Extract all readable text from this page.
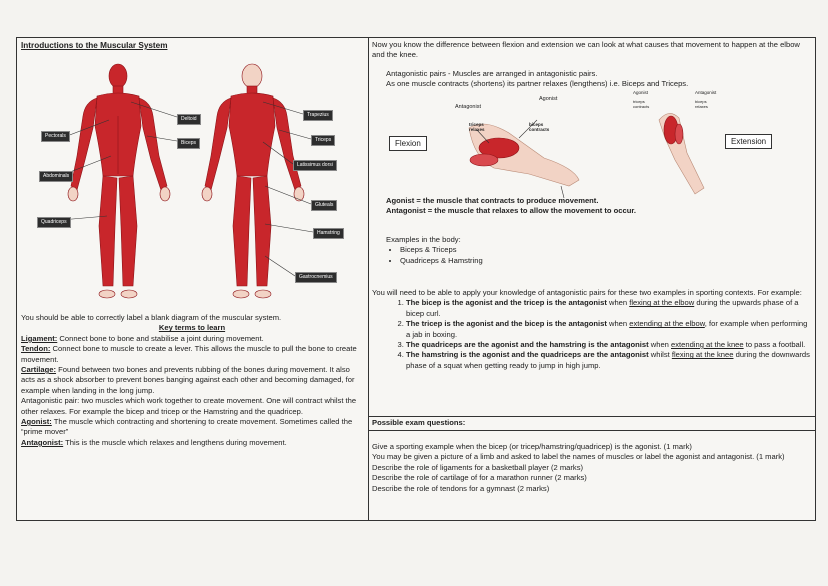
Introductions to the Muscular System
Deltoid
Pectorals
Biceps
Abdominals
Quadriceps
Trapezius
Triceps
Latissimus dorsi
Gluteals
Hamstring
Gastrocnemius

You should be able to correctly label a blank diagram of the muscular system.

Key terms to learn

Ligament: Connect bone to bone and stabilise a joint during movement.

Tendon: Connect bone to muscle to create a lever. This allows the muscle to pull the bone to create movement.

Cartilage: Found between two bones and prevents rubbing of the bones during movement. It also acts as a shock absorber to prevent bones banging against each other and becoming damaged, for example when landing in the long jump.

Antagonistic pair: two muscles which work together to create movement. One will contract whilst the other relaxes. For example the bicep and tricep or the Hamstring and the quadricep.

Agonist: The muscle which contracting and shortening to create movement. Sometimes called the “prime mover”

Antagonist: This is the muscle which relaxes and lengthens during movement.

Now you know the difference between flexion and extension we can look at what causes that movement to happen at the elbow and the knee.
Antagonistic pairs - Muscles are arranged in antagonistic pairs.
As one muscle contracts (shortens) its partner relaxes (lengthens) i.e. Biceps and Triceps.
Flexion	Extension
Antagonist
Agonist
triceps relaxes
biceps contracts
Agonist	Antagonist
triceps contracts
biceps relaxes
Agonist = the muscle that contracts to produce movement.
Antagonist = the muscle that relaxes to allow the movement to occur.
Examples in the body:
• Biceps & Triceps
• Quadriceps & Hamstring
You will need to be able to apply your knowledge of antagonistic pairs for these two examples in sporting contexts. For example:
1. The bicep is the agonist and the tricep is the antagonist when flexing at the elbow during the upwards phase of a bicep curl.
2. The tricep is the agonist and the bicep is the antagonist when extending at the elbow, for example when performing a jab in boxing.
3. The quadriceps are the agonist and the hamstring is the antagonist when extending at the knee to pass a football.
4. The hamstring is the agonist and the quadriceps are the antagonist whilst flexing at the knee during the downwards phase of a squat when getting ready to jump in high jump.
Possible exam questions:

Give a sporting example when the bicep (or tricep/hamstring/quadricep) is the agonist. (1 mark)

You may be given a picture of a limb and asked to label the names of muscles or label the agonist and antagonist. (1 mark)

Describe the role of ligaments for a basketball player (2 marks)

Describe the role of cartilage of for a marathon runner (2 marks)

Describe the role of tendons for a gymnast (2 marks)
